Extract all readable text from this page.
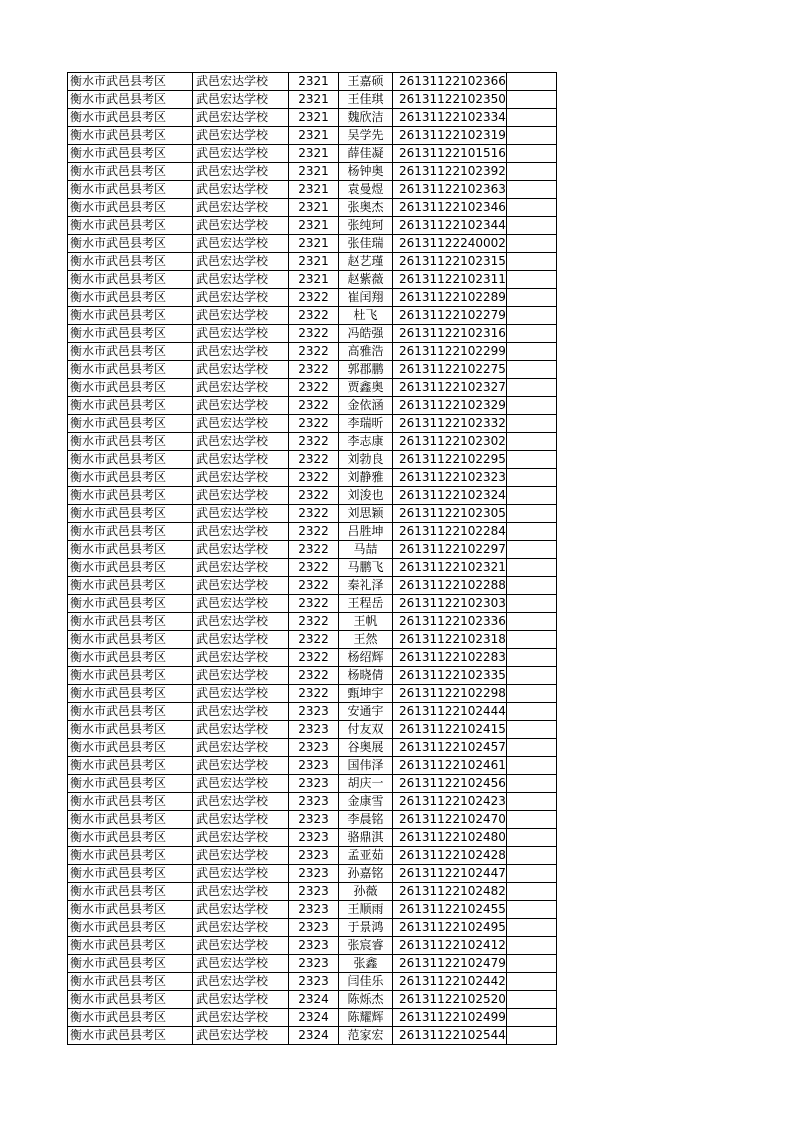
衡水市武邑县考区	武邑宏达学校	2321	王嘉硕	26131122102366	
衡水市武邑县考区	武邑宏达学校	2321	王佳琪	26131122102350	
衡水市武邑县考区	武邑宏达学校	2321	魏欣洁	26131122102334	
衡水市武邑县考区	武邑宏达学校	2321	吴学先	26131122102319	
衡水市武邑县考区	武邑宏达学校	2321	薛佳凝	26131122101516	
衡水市武邑县考区	武邑宏达学校	2321	杨钟奥	26131122102392	
衡水市武邑县考区	武邑宏达学校	2321	袁曼煜	26131122102363	
衡水市武邑县考区	武邑宏达学校	2321	张奥杰	26131122102346	
衡水市武邑县考区	武邑宏达学校	2321	张纯珂	26131122102344	
衡水市武邑县考区	武邑宏达学校	2321	张佳瑞	26131122240002	
衡水市武邑县考区	武邑宏达学校	2321	赵艺瑾	26131122102315	
衡水市武邑县考区	武邑宏达学校	2321	赵紫薇	26131122102311	
衡水市武邑县考区	武邑宏达学校	2322	崔闰翔	26131122102289	
衡水市武邑县考区	武邑宏达学校	2322	杜飞	26131122102279	
衡水市武邑县考区	武邑宏达学校	2322	冯皓强	26131122102316	
衡水市武邑县考区	武邑宏达学校	2322	高雅浩	26131122102299	
衡水市武邑县考区	武邑宏达学校	2322	郭郡鹏	26131122102275	
衡水市武邑县考区	武邑宏达学校	2322	贾鑫奥	26131122102327	
衡水市武邑县考区	武邑宏达学校	2322	金依涵	26131122102329	
衡水市武邑县考区	武邑宏达学校	2322	李瑞昕	26131122102332	
衡水市武邑县考区	武邑宏达学校	2322	李志康	26131122102302	
衡水市武邑县考区	武邑宏达学校	2322	刘勃良	26131122102295	
衡水市武邑县考区	武邑宏达学校	2322	刘静雅	26131122102323	
衡水市武邑县考区	武邑宏达学校	2322	刘浚也	26131122102324	
衡水市武邑县考区	武邑宏达学校	2322	刘思颖	26131122102305	
衡水市武邑县考区	武邑宏达学校	2322	吕胜坤	26131122102284	
衡水市武邑县考区	武邑宏达学校	2322	马喆	26131122102297	
衡水市武邑县考区	武邑宏达学校	2322	马鹏飞	26131122102321	
衡水市武邑县考区	武邑宏达学校	2322	秦礼泽	26131122102288	
衡水市武邑县考区	武邑宏达学校	2322	王程岳	26131122102303	
衡水市武邑县考区	武邑宏达学校	2322	王帆	26131122102336	
衡水市武邑县考区	武邑宏达学校	2322	王然	26131122102318	
衡水市武邑县考区	武邑宏达学校	2322	杨绍辉	26131122102283	
衡水市武邑县考区	武邑宏达学校	2322	杨晓倩	26131122102335	
衡水市武邑县考区	武邑宏达学校	2322	甄坤宇	26131122102298	
衡水市武邑县考区	武邑宏达学校	2323	安通宇	26131122102444	
衡水市武邑县考区	武邑宏达学校	2323	付友双	26131122102415	
衡水市武邑县考区	武邑宏达学校	2323	谷奥展	26131122102457	
衡水市武邑县考区	武邑宏达学校	2323	国伟泽	26131122102461	
衡水市武邑县考区	武邑宏达学校	2323	胡庆一	26131122102456	
衡水市武邑县考区	武邑宏达学校	2323	金康雪	26131122102423	
衡水市武邑县考区	武邑宏达学校	2323	李晨铭	26131122102470	
衡水市武邑县考区	武邑宏达学校	2323	骆鼎淇	26131122102480	
衡水市武邑县考区	武邑宏达学校	2323	孟亚茹	26131122102428	
衡水市武邑县考区	武邑宏达学校	2323	孙嘉铭	26131122102447	
衡水市武邑县考区	武邑宏达学校	2323	孙薇	26131122102482	
衡水市武邑县考区	武邑宏达学校	2323	王顺雨	26131122102455	
衡水市武邑县考区	武邑宏达学校	2323	于景鸿	26131122102495	
衡水市武邑县考区	武邑宏达学校	2323	张宸睿	26131122102412	
衡水市武邑县考区	武邑宏达学校	2323	张鑫	26131122102479	
衡水市武邑县考区	武邑宏达学校	2323	闫佳乐	26131122102442	
衡水市武邑县考区	武邑宏达学校	2324	陈烁杰	26131122102520	
衡水市武邑县考区	武邑宏达学校	2324	陈耀辉	26131122102499	
衡水市武邑县考区	武邑宏达学校	2324	范家宏	26131122102544	
